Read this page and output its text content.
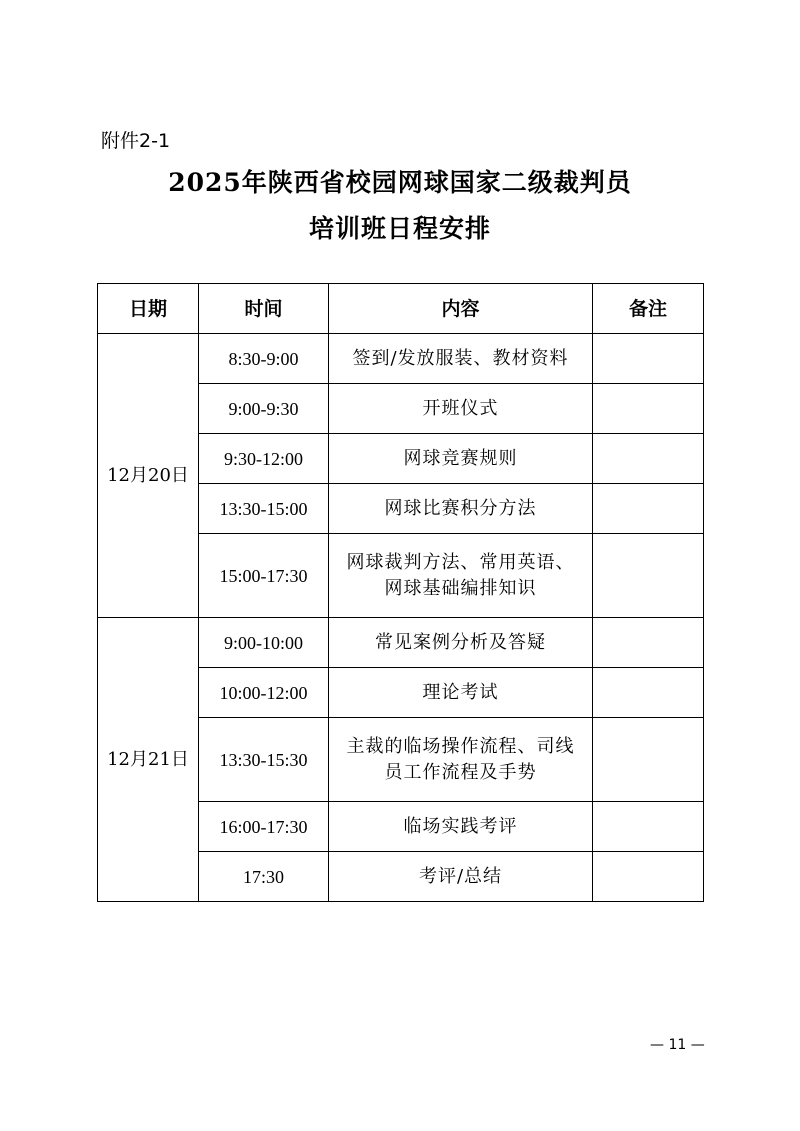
附件2-1
2025年陕西省校园网球国家二级裁判员
培训班日程安排
日期	时间	内容	备注
12月20日	8:30-9:00	签到/发放服装、教材资料	

	9:00-9:30	开班仪式	

	9:30-12:00	网球竞赛规则	

	13:30-15:00	网球比赛积分方法	

	15:00-17:30	网球裁判方法、常用英语、
网球基础编排知识	

12月21日	9:00-10:00	常见案例分析及答疑	

	10:00-12:00	理论考试	

	13:30-15:30	主裁的临场操作流程、司线
员工作流程及手势	

	16:00-17:30	临场实践考评	

	17:30	考评/总结	

— 11 —
